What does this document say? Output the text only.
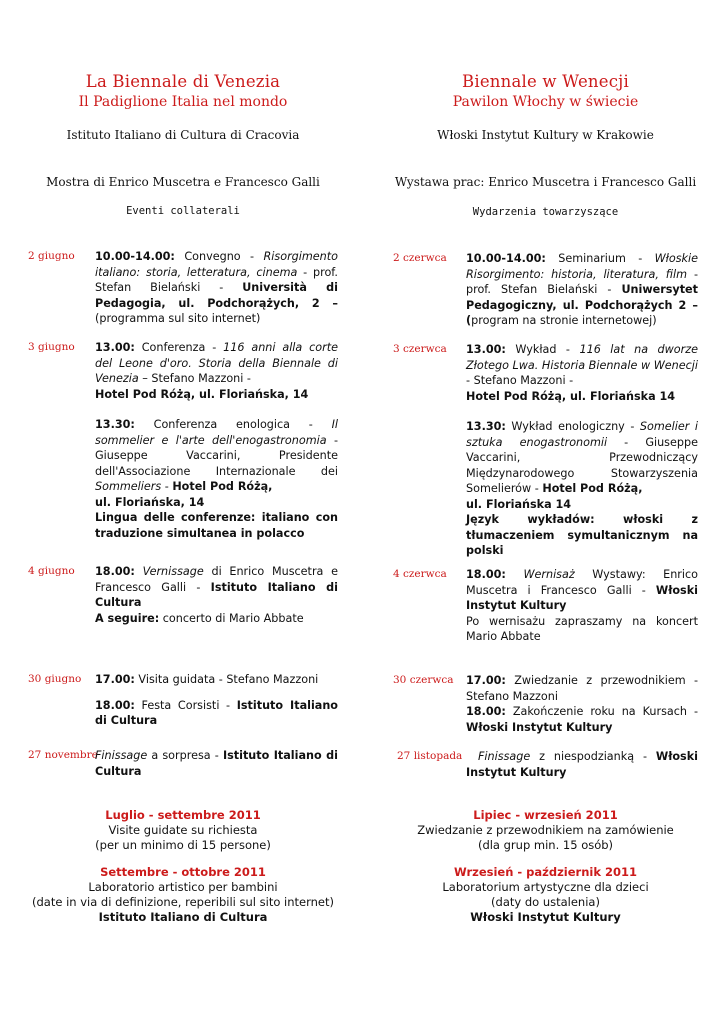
La Biennale di Venezia
Il Padiglione Italia nel mondo
Istituto Italiano di Cultura di Cracovia
Mostra di Enrico Muscetra e Francesco Galli
Eventi collaterali
2 giugno 10.00-14.00: Convegno - Risorgimento italiano: storia, letteratura, cinema - prof. Stefan Bielański - Università di Pedagogia, ul. Podchorążych, 2 – (programma sul sito internet)
3 giugno 13.00: Conferenza - 116 anni alla corte del Leone d'oro. Storia della Biennale di Venezia – Stefano Mazzoni -
Hotel Pod Różą, ul. Floriańska, 14
13.30: Conferenza enologica - Il sommelier e l'arte dell'enogastronomia - Giuseppe Vaccarini, Presidente dell'Associazione Internazionale dei Sommeliers - Hotel Pod Różą,
ul. Floriańska, 14
Lingua delle conferenze: italiano con traduzione simultanea in polacco
4 giugno 18.00: Vernissage di Enrico Muscetra e Francesco Galli - Istituto Italiano di Cultura
A seguire: concerto di Mario Abbate
30 giugno 17.00: Visita guidata - Stefano Mazzoni
18.00: Festa Corsisti - Istituto Italiano di Cultura
27 novembre
Finissage a sorpresa - Istituto Italiano di Cultura
Luglio - settembre 2011
Visite guidate su richiesta
(per un minimo di 15 persone)
Settembre - ottobre 2011
Laboratorio artistico per bambini
(date in via di definizione, reperibili sul sito internet)
Istituto Italiano di Cultura
Biennale w Wenecji
Pawilon Włochy w świecie
Włoski Instytut Kultury w Krakowie
Wystawa prac: Enrico Muscetra i Francesco Galli
Wydarzenia towarzyszące
2 czerwca 10.00-14.00: Seminarium - Włoskie Risorgimento: historia, literatura, film - prof. Stefan Bielański - Uniwersytet Pedagogiczny, ul. Podchorążych 2 – (program na stronie internetowej)
3 czerwca 13.00: Wykład - 116 lat na dworze Złotego Lwa. Historia Biennale w Wenecji - Stefano Mazzoni -
Hotel Pod Różą, ul. Floriańska 14
13.30: Wykład enologiczny - Somelier i sztuka enogastronomii - Giuseppe Vaccarini, Przewodniczący Międzynarodowego Stowarzyszenia Somelierów - Hotel Pod Różą,
ul. Floriańska 14
Język wykładów: włoski z tłumaczeniem symultanicznym na polski
4 czerwca 18.00: Wernisaż Wystawy: Enrico Muscetra i Francesco Galli - Włoski Instytut Kultury
Po wernisażu zapraszamy na koncert Mario Abbate
30 czerwca 17.00: Zwiedzanie z przewodnikiem - Stefano Mazzoni
18.00: Zakończenie roku na Kursach - Włoski Instytut Kultury
27 listopada	Finissage z niespodzianką - Włoski Instytut Kultury
Lipiec - wrzesień 2011
Zwiedzanie z przewodnikiem na zamówienie
(dla grup min. 15 osób)
Wrzesień - październik 2011
Laboratorium artystyczne dla dzieci
(daty do ustalenia)
Włoski Instytut Kultury
